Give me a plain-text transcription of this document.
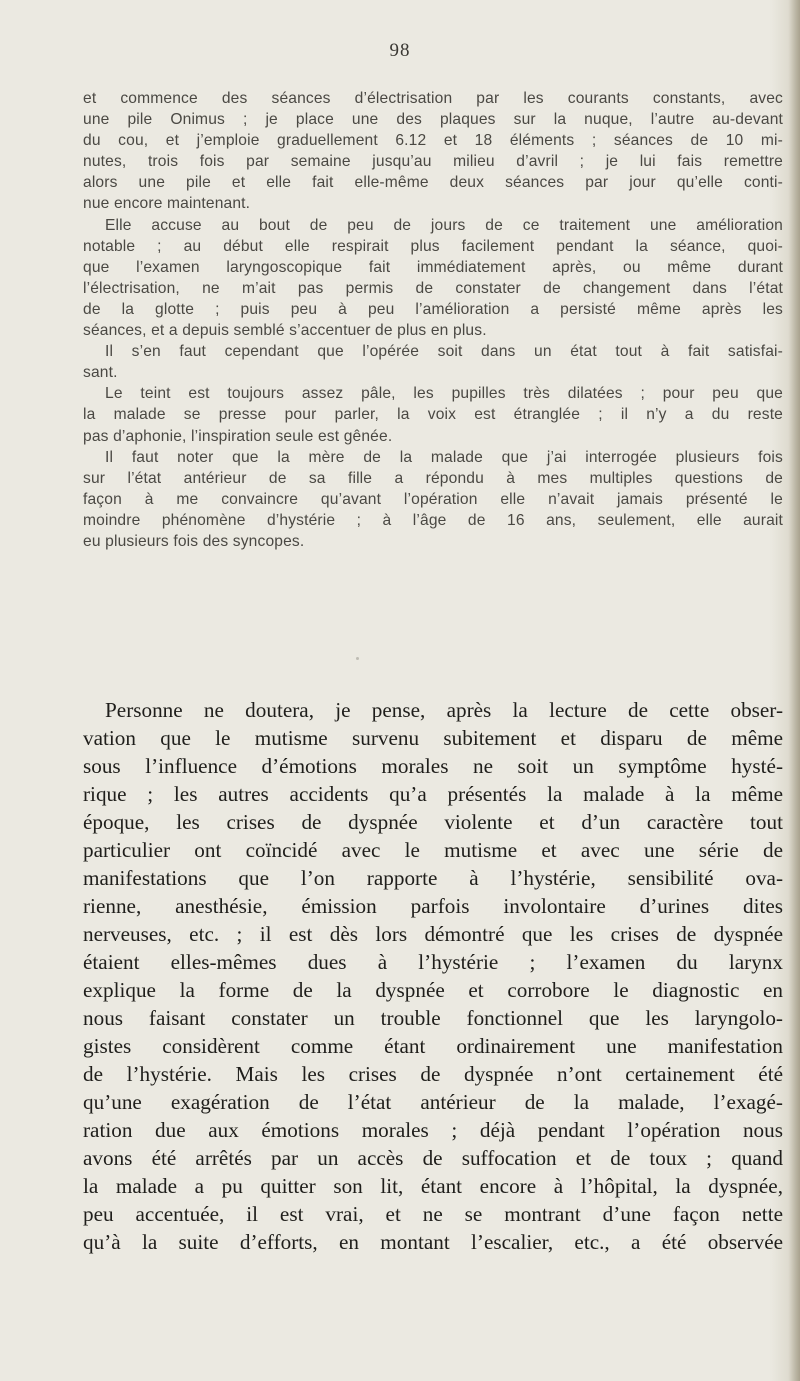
98
et commence des séances d’électrisation par les courants constants, avec
une pile Onimus ; je place une des plaques sur la nuque, l’autre au-devant
du cou, et j’emploie graduellement 6.12 et 18 éléments ; séances de 10 mi-
nutes, trois fois par semaine jusqu’au milieu d’avril ; je lui fais remettre
alors une pile et elle fait elle-même deux séances par jour qu’elle conti-
nue encore maintenant.
Elle accuse au bout de peu de jours de ce traitement une amélioration
notable ; au début elle respirait plus facilement pendant la séance, quoi-
que l’examen laryngoscopique fait immédiatement après, ou même durant
l’électrisation, ne m’ait pas permis de constater de changement dans l’état
de la glotte ; puis peu à peu l’amélioration a persisté même après les
séances, et a depuis semblé s’accentuer de plus en plus.
Il s’en faut cependant que l’opérée soit dans un état tout à fait satisfai-
sant.
Le teint est toujours assez pâle, les pupilles très dilatées ; pour peu que
la malade se presse pour parler, la voix est étranglée ; il n’y a du reste
pas d’aphonie, l’inspiration seule est gênée.
Il faut noter que la mère de la malade que j’ai interrogée plusieurs fois
sur l’état antérieur de sa fille a répondu à mes multiples questions de
façon à me convaincre qu’avant l’opération elle n’avait jamais présenté le
moindre phénomène d’hystérie ; à l’âge de 16 ans, seulement, elle aurait
eu plusieurs fois des syncopes.
Personne ne doutera, je pense, après la lecture de cette obser-
vation que le mutisme survenu subitement et disparu de même
sous l’influence d’émotions morales ne soit un symptôme hysté-
rique ; les autres accidents qu’a présentés la malade à la même
époque, les crises de dyspnée violente et d’un caractère tout
particulier ont coïncidé avec le mutisme et avec une série de
manifestations que l’on rapporte à l’hystérie, sensibilité ova-
rienne, anesthésie, émission parfois involontaire d’urines dites
nerveuses, etc. ; il est dès lors démontré que les crises de dyspnée
étaient elles-mêmes dues à l’hystérie ; l’examen du larynx
explique la forme de la dyspnée et corrobore le diagnostic en
nous faisant constater un trouble fonctionnel que les laryngolo-
gistes considèrent comme étant ordinairement une manifestation
de l’hystérie. Mais les crises de dyspnée n’ont certainement été
qu’une exagération de l’état antérieur de la malade, l’exagé-
ration due aux émotions morales ; déjà pendant l’opération nous
avons été arrêtés par un accès de suffocation et de toux ; quand
la malade a pu quitter son lit, étant encore à l’hôpital, la dyspnée,
peu accentuée, il est vrai, et ne se montrant d’une façon nette
qu’à la suite d’efforts, en montant l’escalier, etc., a été observée
